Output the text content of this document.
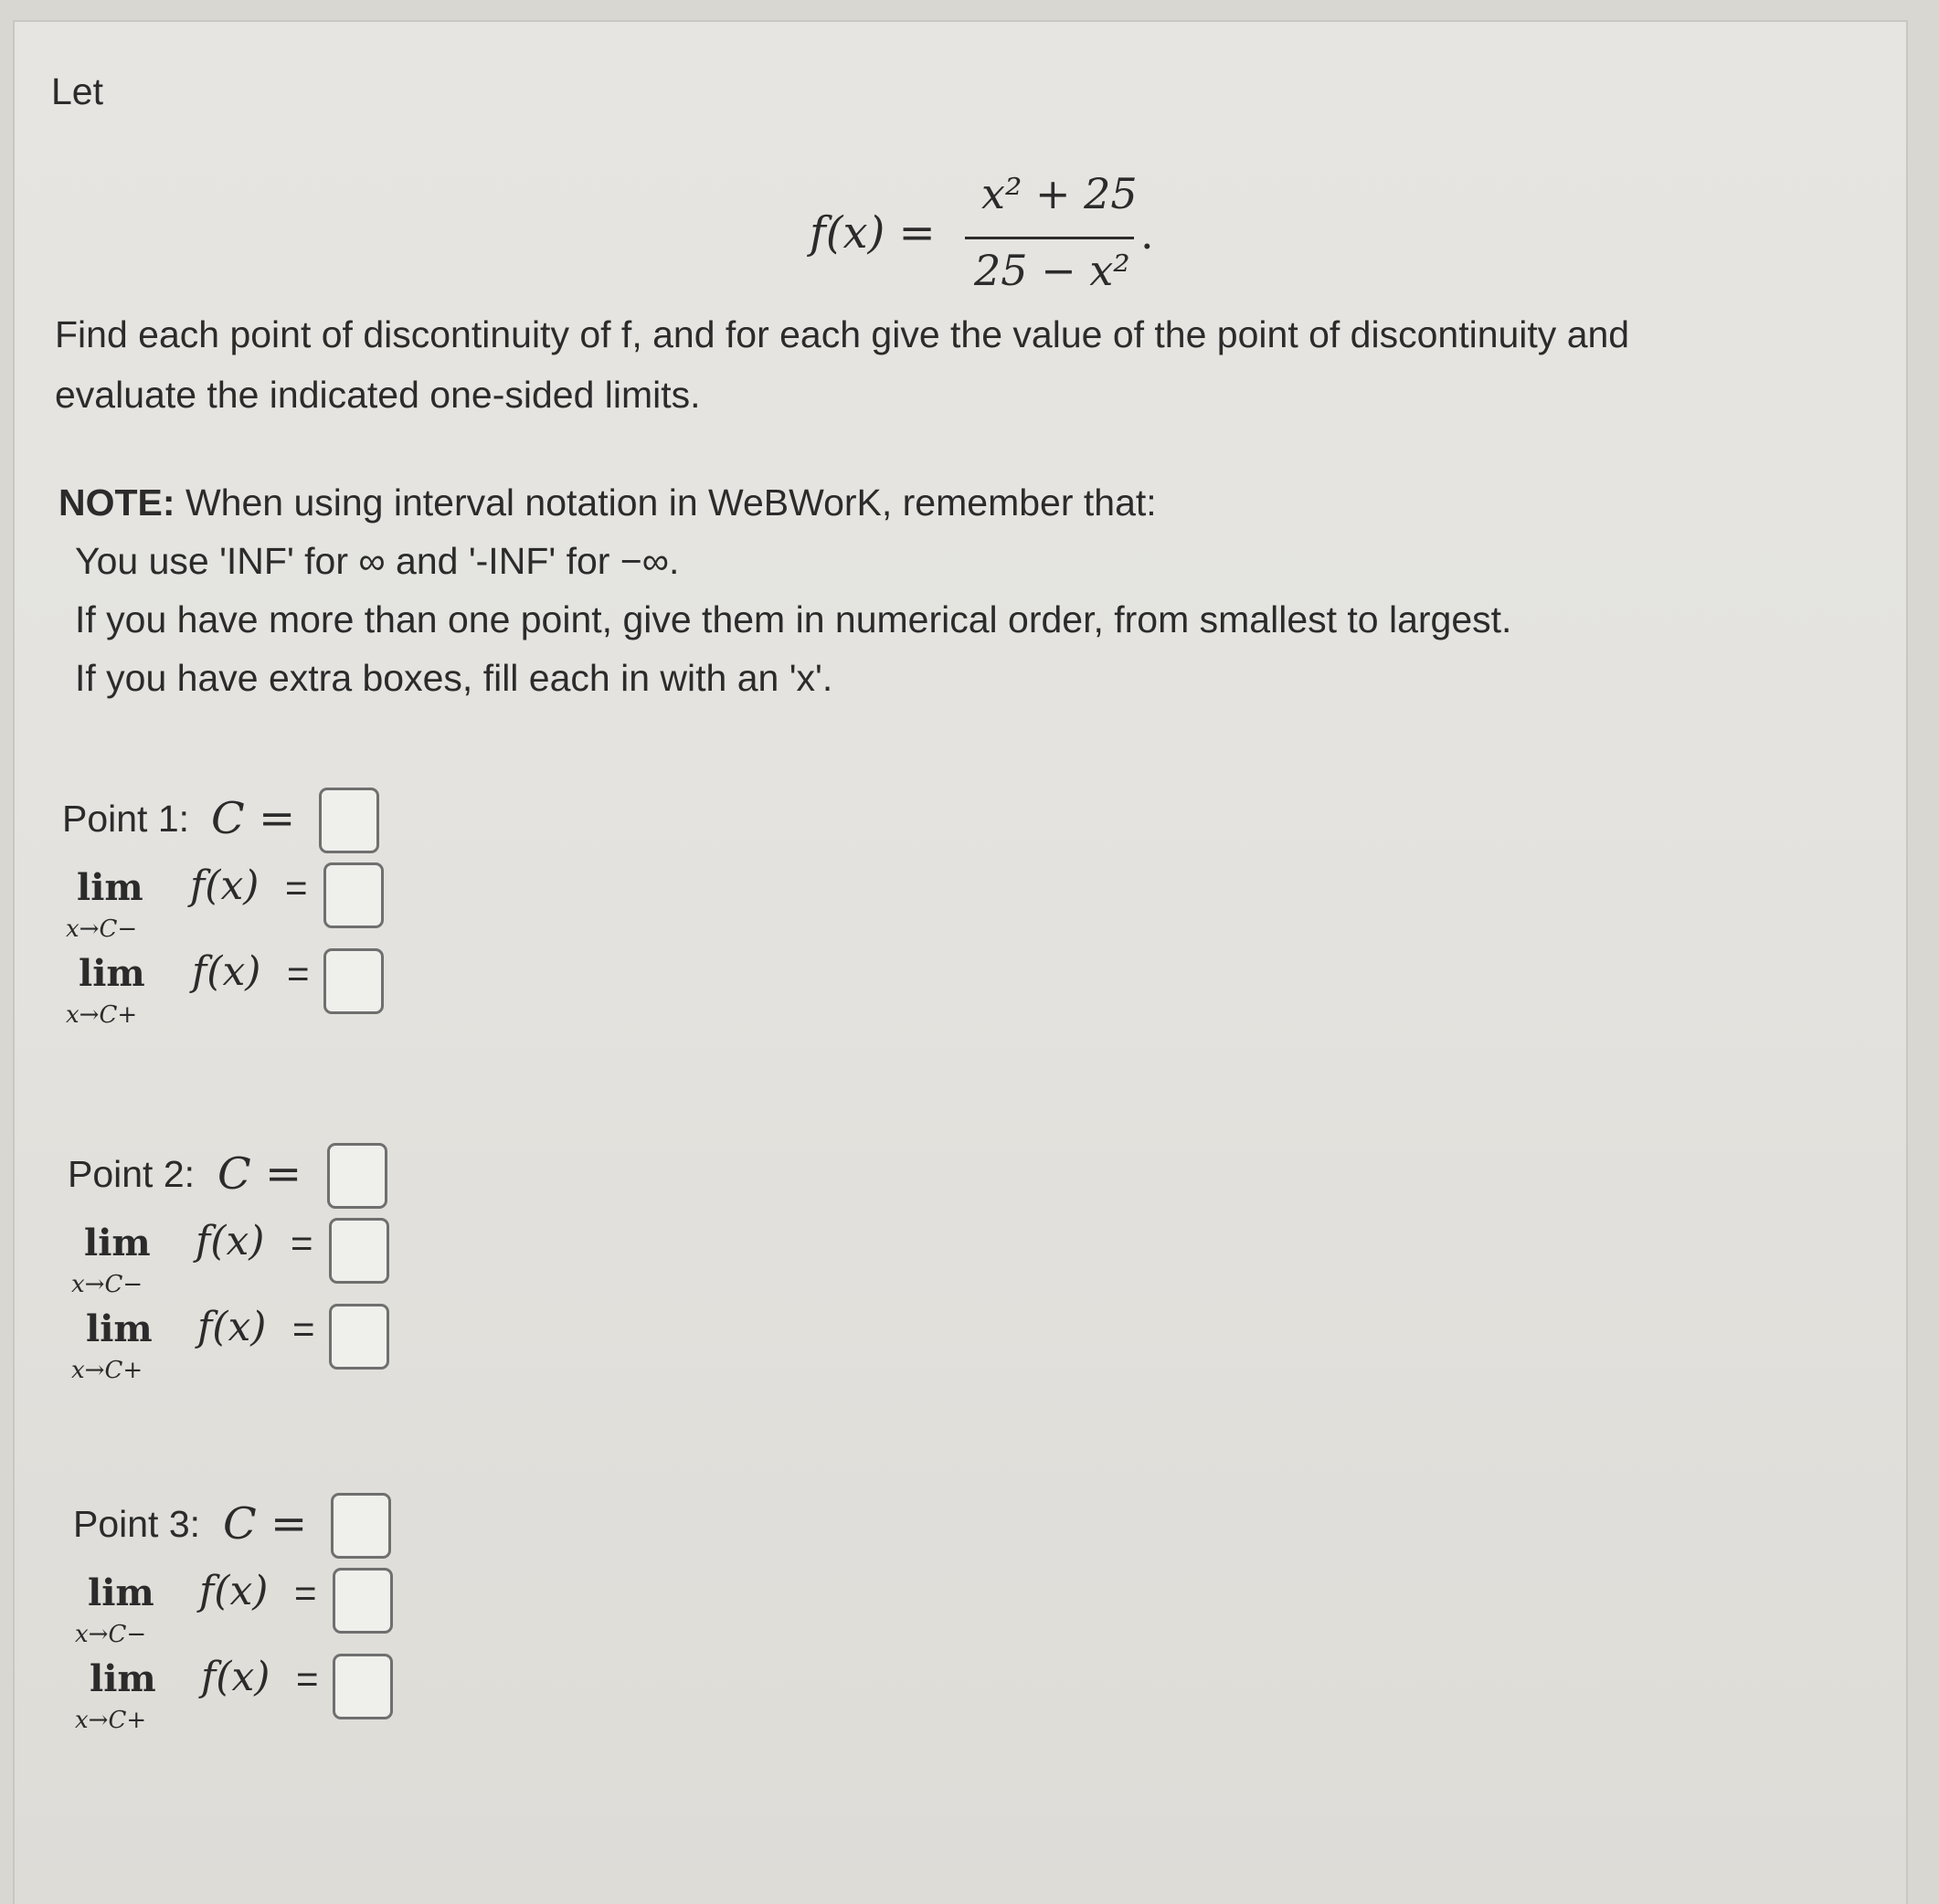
Let
f(x) =
x² + 25
25 − x²
.
Find each point of discontinuity of f, and for each give the value of the point of discontinuity and
evaluate the indicated one-sided limits.
NOTE: When using interval notation in WeBWorK, remember that:
You use 'INF' for ∞ and '-INF' for −∞.
If you have more than one point, give them in numerical order, from smallest to largest.
If you have extra boxes, fill each in with an 'x'.
Point 1: C =
lim
x→C−
f(x) =
lim
x→C+
f(x) =
Point 2: C =
lim
x→C−
f(x) =
lim
x→C+
f(x) =
Point 3: C =
lim
x→C−
f(x) =
lim
x→C+
f(x) =
